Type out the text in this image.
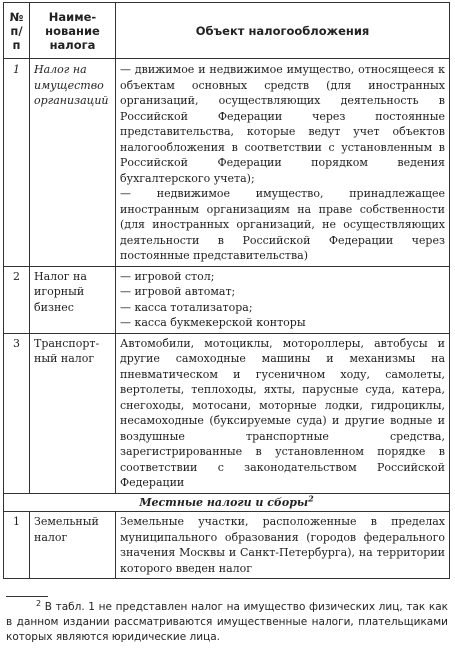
№ п/п	Наиме-
нование
налога	Объект налогообложения
1	Налог на имущество организаций	— движимое и недвижимое имущество, относящееся к объектам основных средств (для иностранных организаций, осуществляющих деятельность в Российской Федерации через постоянные представительства, которые ведут учет объектов налогообложения в соответствии с установленным в Российской Федерации порядком ведения бухгалтерского учета);
— недвижимое имущество, принадлежащее иностранным организациям на праве собственности (для иностранных организаций, не осуществляющих деятельности в Российской Федерации через постоянные представительства)

2	Налог на игорный бизнес	— игровой стол;
— игровой автомат;
— касса тотализатора;
— касса букмекерской конторы

3	Транспорт-ный налог	Автомобили, мотоциклы, мотороллеры, автобусы и другие самоходные машины и механизмы на пневматическом и гусеничном ходу, самолеты, вертолеты, теплоходы, яхты, парусные суда, катера, снегоходы, мотосани, моторные лодки, гидроциклы, несамоходные (буксируемые суда) и другие водные и воздушные транспортные средства, зарегистрированные в установленном порядке в соответствии с законодательством Российской Федерации

Местные налоги и сборы$^2$
1	Земельный налог	Земельные участки, расположенные в пределах муниципального образования (городов федерального значения Москвы и Санкт-Петербурга), на территории которого введен налог
$^2$ В табл. 1 не представлен налог на имущество физических лиц, так как в данном издании рассматриваются имущественные налоги, плательщиками которых являются юридические лица.
